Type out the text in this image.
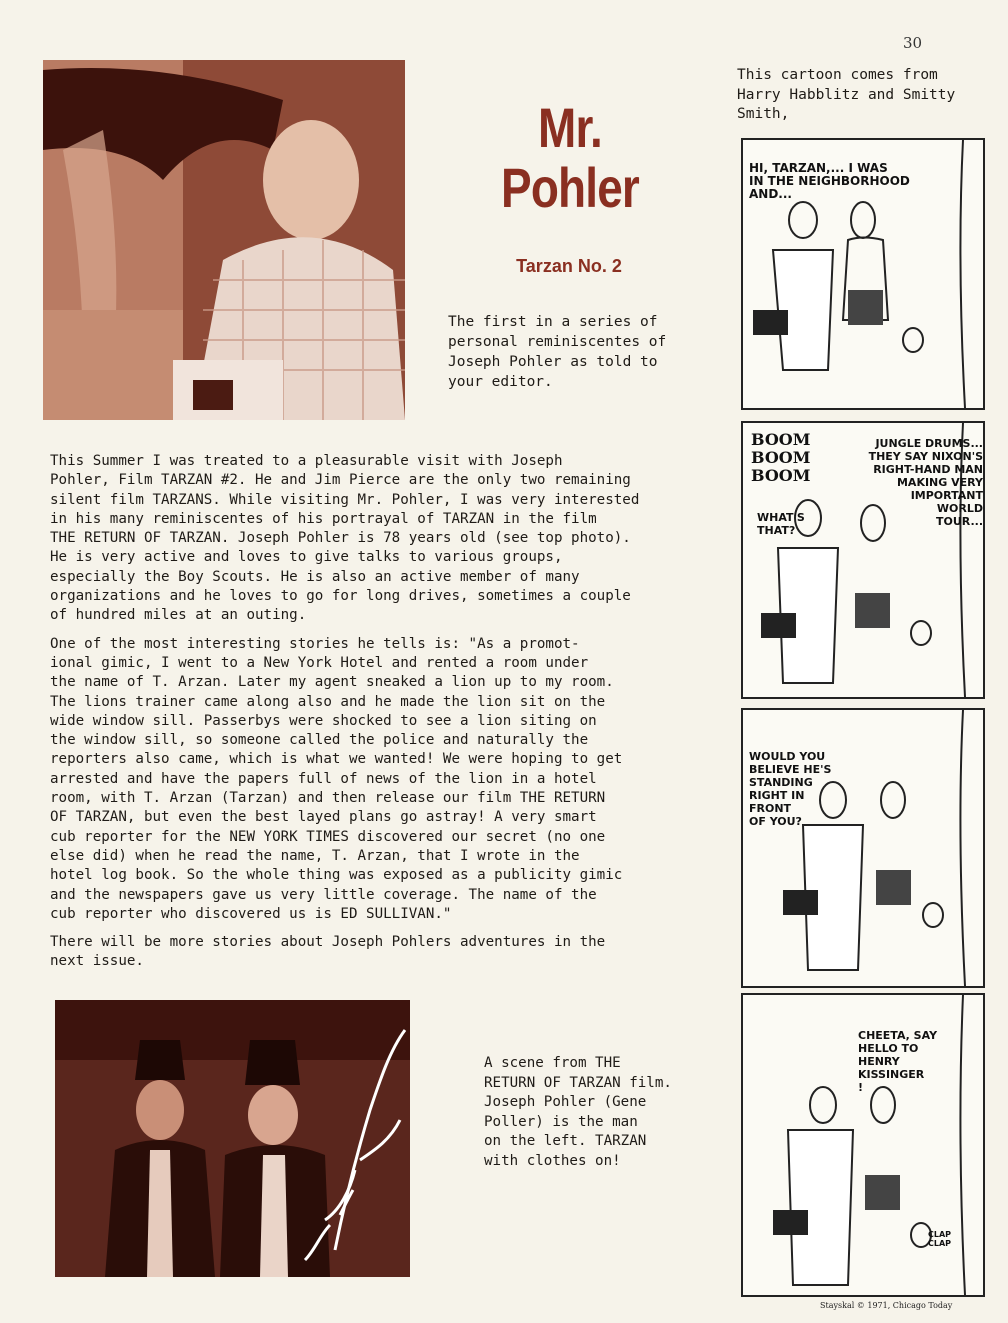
30
Mr.
Pohler
Tarzan No. 2
The first in a series of
personal reminiscentes of
Joseph Pohler as told to
your editor.

This Summer I was treated to a pleasurable visit with Joseph
Pohler, Film TARZAN #2. He and Jim Pierce are the only two remaining
silent film TARZANS. While visiting Mr. Pohler, I was very interested
in his many reminiscentes of his portrayal of TARZAN in the film
THE RETURN OF TARZAN. Joseph Pohler is 78 years old (see top photo).
He is very active and loves to give talks to various groups,
especially the Boy Scouts. He is also an active member of many
organizations and he loves to go for long drives, sometimes a couple
of hundred miles at an outing.

One of the most interesting stories he tells is: "As a promot-
ional gimic, I went to a New York Hotel and rented a room under
the name of T. Arzan. Later my agent sneaked a lion up to my room.
The lions trainer came along also and he made the lion sit on the
wide window sill. Passerbys were shocked to see a lion siting on
the window sill, so someone called the police and naturally the
reporters also came, which is what we wanted! We were hoping to get
arrested and have the papers full of news of the lion in a hotel
room, with T. Arzan (Tarzan) and then release our film THE RETURN
OF TARZAN, but even the best layed plans go astray! A very smart
cub reporter for the NEW YORK TIMES discovered our secret (no one
else did) when he read the name, T. Arzan, that I wrote in the
hotel log book. So the whole thing was exposed as a publicity gimic
and the newspapers gave us very little coverage. The name of the
cub reporter who discovered us is ED SULLIVAN."

There will be more stories about Joseph Pohlers adventures in the
next issue.

A scene from THE
RETURN OF TARZAN film.
Joseph Pohler (Gene
Poller) is the man
on the left. TARZAN
with clothes on!
This cartoon comes from
Harry Habblitz and Smitty
Smith,
HI, TARZAN,... I WAS
IN THE NEIGHBORHOOD
AND...
BOOM BOOM
BOOM
WHAT'S
THAT?
JUNGLE DRUMS...
THEY SAY NIXON'S
RIGHT-HAND MAN
MAKING VERY
IMPORTANT
WORLD
TOUR...
WOULD YOU
BELIEVE HE'S
STANDING
RIGHT IN
FRONT
OF YOU?
CHEETA, SAY
HELLO TO
HENRY
KISSINGER
!
CLAP
CLAP
Stayskal © 1971, Chicago Today
